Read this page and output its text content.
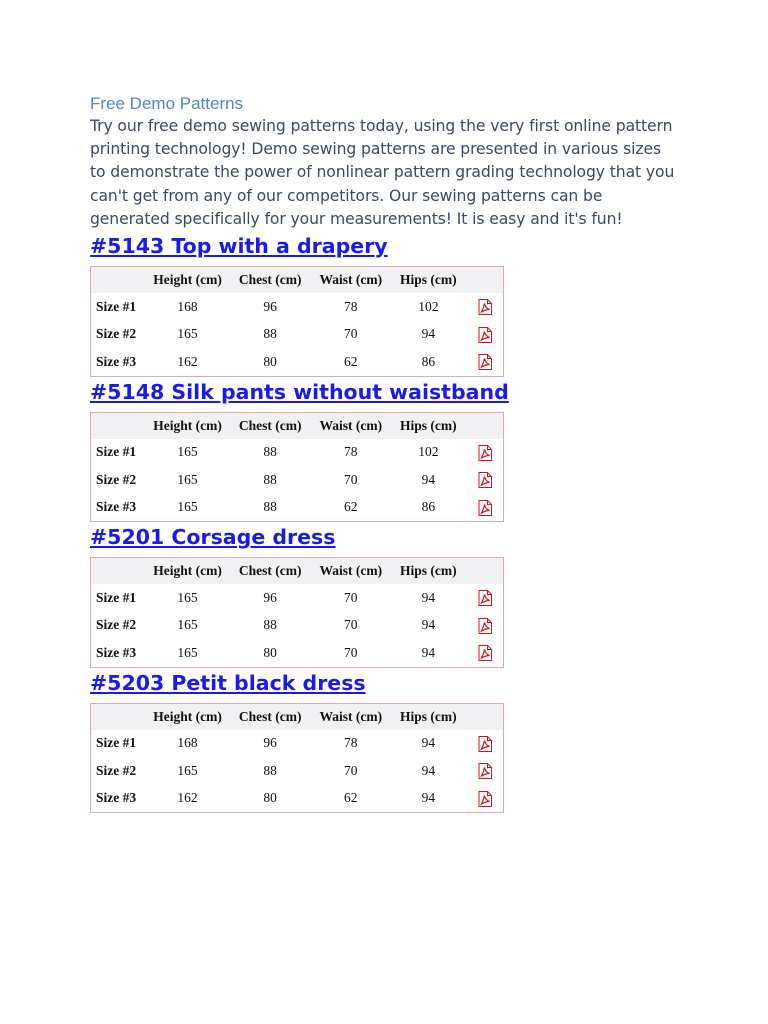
Free Demo Patterns

Try our free demo sewing patterns today, using the very first online pattern printing technology! Demo sewing patterns are presented in various sizes to demonstrate the power of nonlinear pattern grading technology that you can't get from any of our competitors. Our sewing patterns can be generated specifically for your measurements! It is easy and it's fun!

#5143 Top with a drapery
	Height (cm)	Chest (cm)	Waist (cm)	Hips (cm)	
Size #1	168	96	78	102	
Size #2	165	88	70	94	
Size #3	162	80	62	86	
#5148 Silk pants without waistband
	Height (cm)	Chest (cm)	Waist (cm)	Hips (cm)	
Size #1	165	88	78	102	
Size #2	165	88	70	94	
Size #3	165	88	62	86	
#5201 Corsage dress
	Height (cm)	Chest (cm)	Waist (cm)	Hips (cm)	
Size #1	165	96	70	94	
Size #2	165	88	70	94	
Size #3	165	80	70	94	
#5203 Petit black dress
	Height (cm)	Chest (cm)	Waist (cm)	Hips (cm)	
Size #1	168	96	78	94	
Size #2	165	88	70	94	
Size #3	162	80	62	94	
